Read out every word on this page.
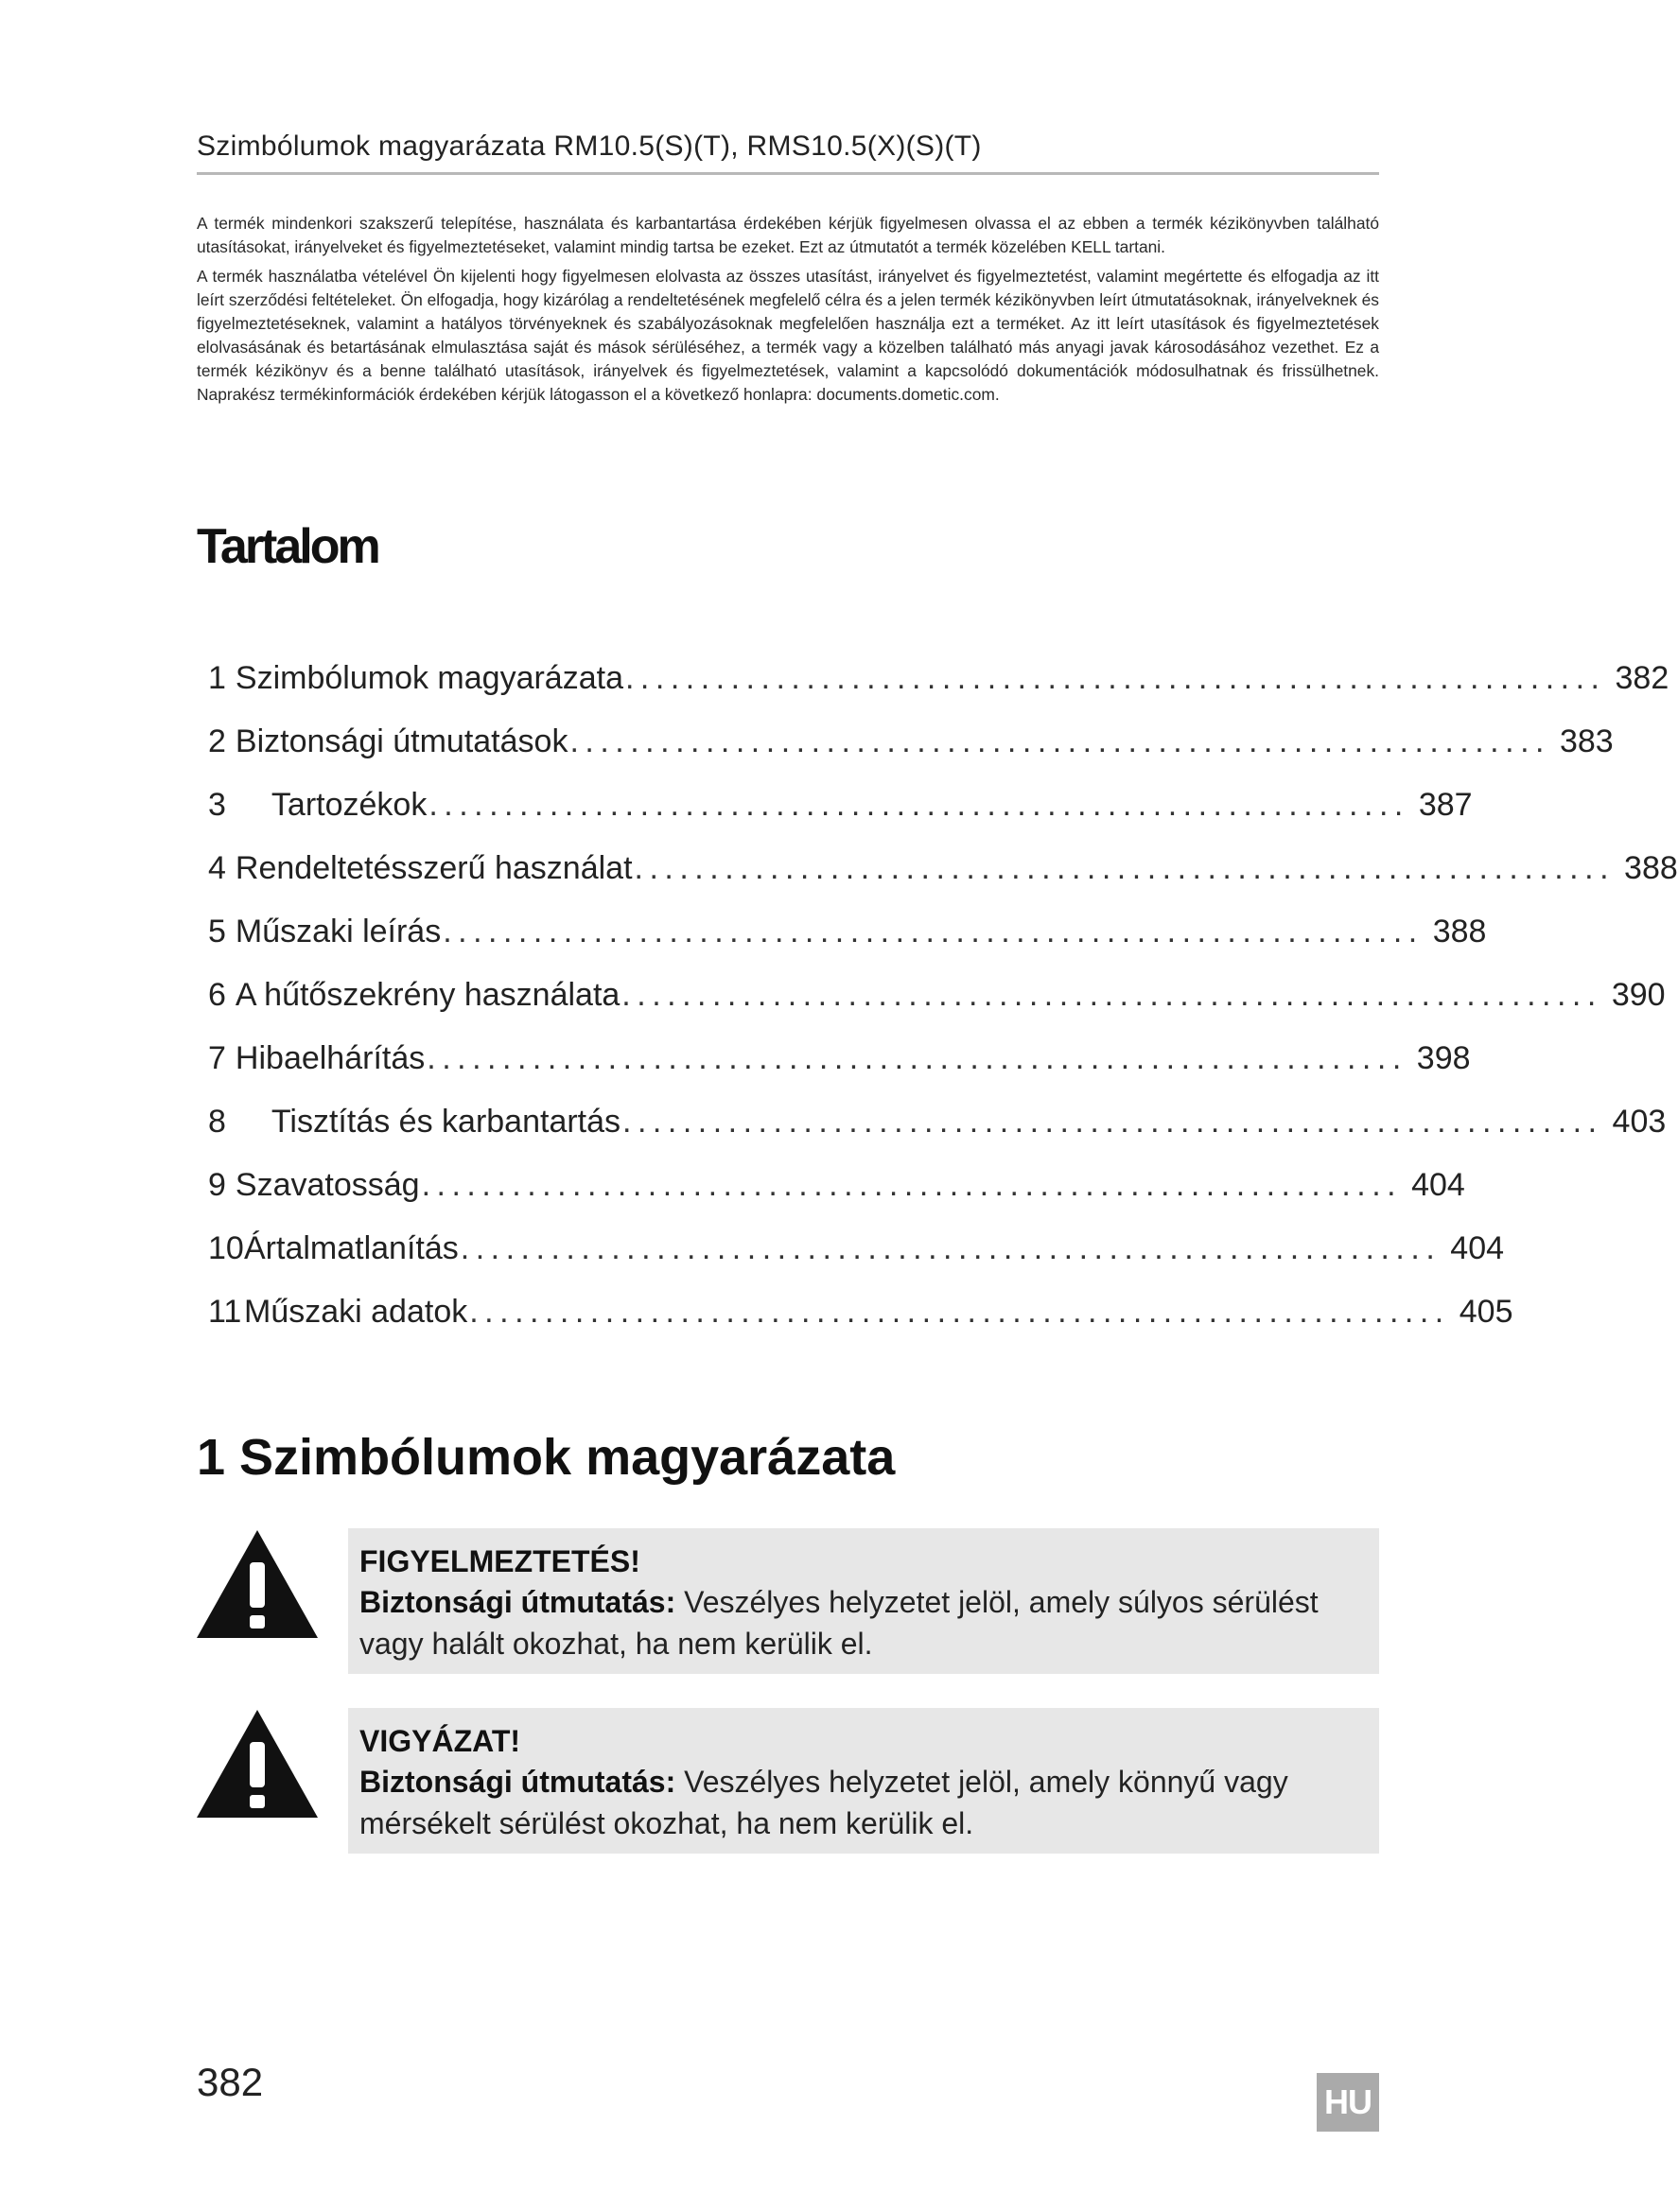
Szimbólumok magyarázata RM10.5(S)(T), RMS10.5(X)(S)(T)

A termék mindenkori szakszerű telepítése, használata és karbantartása érdekében kérjük figyelmesen olvassa el az ebben a termék kézikönyvben található utasításokat, irányelveket és figyelmeztetéseket, valamint mindig tartsa be ezeket. Ezt az útmutatót a termék közelében KELL tartani.

A termék használatba vételével Ön kijelenti hogy figyelmesen elolvasta az összes utasítást, irányelvet és figyelmeztetést, valamint megértette és elfogadja az itt leírt szerződési feltételeket. Ön elfogadja, hogy kizárólag a rendeltetésének megfelelő célra és a jelen termék kézikönyvben leírt útmutatásoknak, irányelveknek és figyelmeztetéseknek, valamint a hatályos törvényeknek és szabályozásoknak megfelelően használja ezt a terméket. Az itt leírt utasítások és figyelmeztetések elolvasásának és betartásának elmulasztása saját és mások sérüléséhez, a termék vagy a közelben található más anyagi javak károsodásához vezethet. Ez a termék kézikönyv és a benne található utasítások, irányelvek és figyelmeztetések, valamint a kapcsolódó dokumentációk módosulhatnak és frissülhetnek. Naprakész termékinformációk érdekében kérjük látogasson el a következő honlapra: documents.dometic.com.

Tartalom
1 Szimbólumok magyarázata ................................................................. 382
2 Biztonsági útmutatások ................................................................. 383
3 Tartozékok ................................................................. 387
4 Rendeltetésszerű használat ................................................................. 388
5 Műszaki leírás ................................................................. 388
6 A hűtőszekrény használata ................................................................. 390
7 Hibaelhárítás ................................................................. 398
8 Tisztítás és karbantartás ................................................................. 403
9 Szavatosság ................................................................. 404
10 Ártalmatlanítás ................................................................. 404
11 Műszaki adatok ................................................................. 405
1 Szimbólumok magyarázata
FIGYELMEZTETÉS!
Biztonsági útmutatás: Veszélyes helyzetet jelöl, amely súlyos sérülést vagy halált okozhat, ha nem kerülik el.
VIGYÁZAT!
Biztonsági útmutatás: Veszélyes helyzetet jelöl, amely könnyű vagy mérsékelt sérülést okozhat, ha nem kerülik el.
382	HU
